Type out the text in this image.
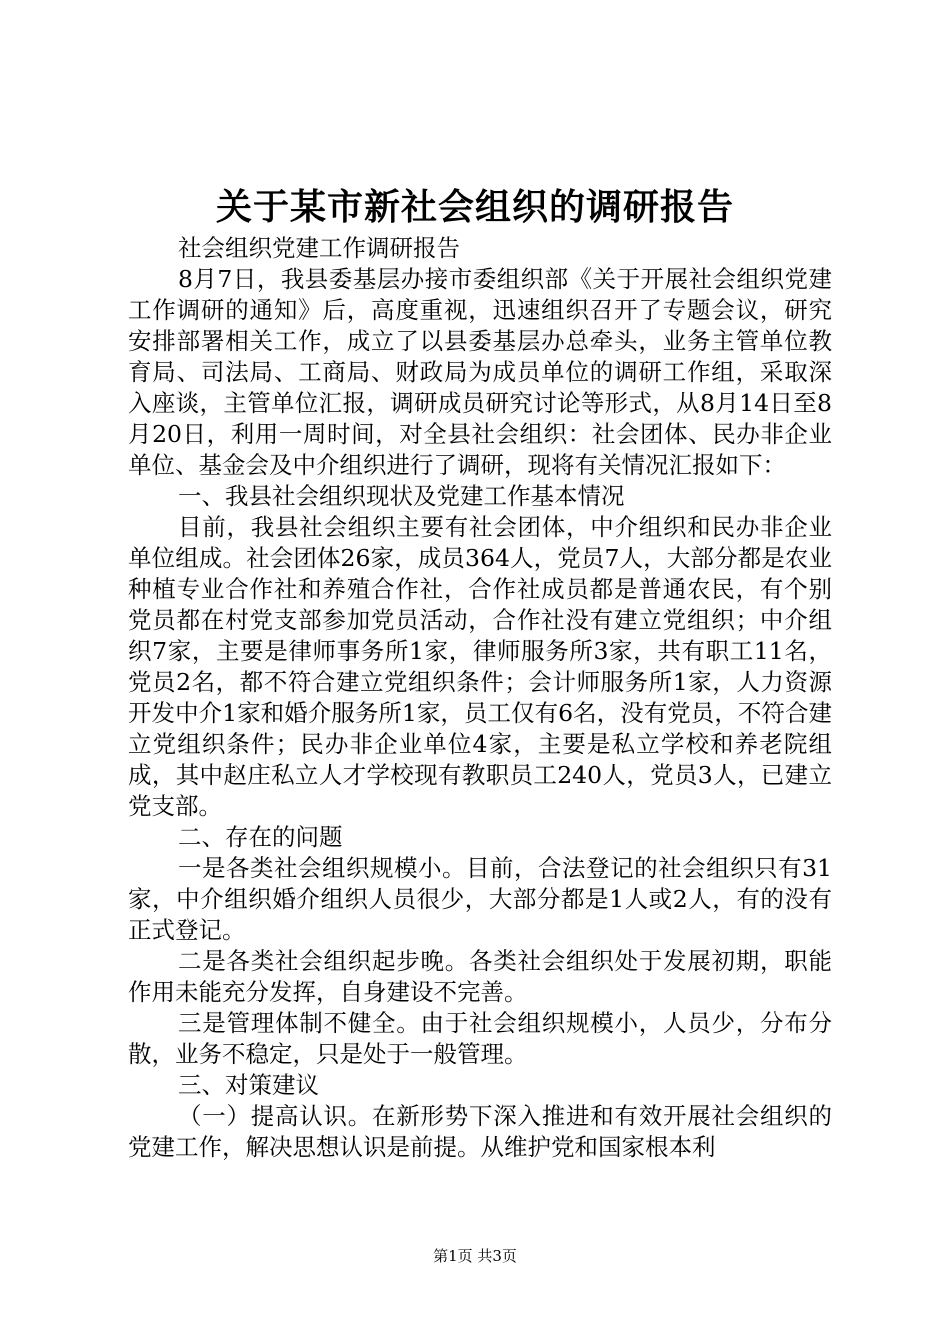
关于某市新社会组织的调研报告

社会组织党建工作调研报告

8月7日，我县委基层办接市委组织部《关于开展社会组织党建工作调研的通知》后，高度重视，迅速组织召开了专题会议，研究安排部署相关工作，成立了以县委基层办总牵头，业务主管单位教育局、司法局、工商局、财政局为成员单位的调研工作组，采取深入座谈，主管单位汇报，调研成员研究讨论等形式，从8月14日至8月20日，利用一周时间，对全县社会组织：社会团体、民办非企业单位、基金会及中介组织进行了调研，现将有关情况汇报如下：

一、我县社会组织现状及党建工作基本情况

目前，我县社会组织主要有社会团体，中介组织和民办非企业单位组成。社会团体26家，成员364人，党员7人，大部分都是农业种植专业合作社和养殖合作社，合作社成员都是普通农民，有个别党员都在村党支部参加党员活动，合作社没有建立党组织；中介组织7家，主要是律师事务所1家，律师服务所3家，共有职工11名，党员2名，都不符合建立党组织条件；会计师服务所1家，人力资源开发中介1家和婚介服务所1家，员工仅有6名，没有党员，不符合建立党组织条件；民办非企业单位4家，主要是私立学校和养老院组成，其中赵庄私立人才学校现有教职员工240人，党员3人，已建立党支部。

二、存在的问题

一是各类社会组织规模小。目前，合法登记的社会组织只有31家，中介组织婚介组织人员很少，大部分都是1人或2人，有的没有正式登记。

二是各类社会组织起步晚。各类社会组织处于发展初期，职能作用未能充分发挥，自身建设不完善。

三是管理体制不健全。由于社会组织规模小，人员少，分布分散，业务不稳定，只是处于一般管理。

三、对策建议

（一）提高认识。在新形势下深入推进和有效开展社会组织的党建工作，解决思想认识是前提。从维护党和国家根本利

第1页 共3页
